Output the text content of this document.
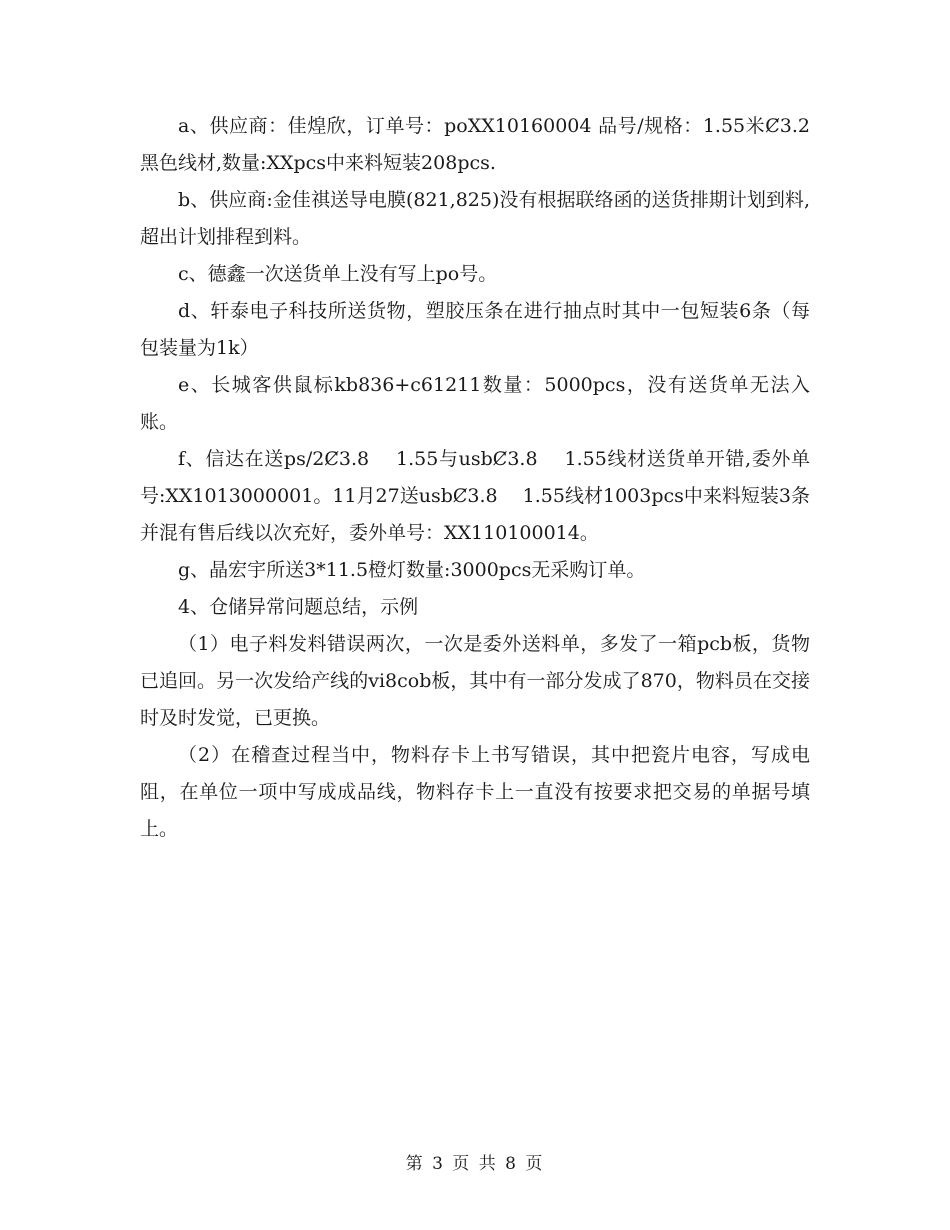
a、供应商：佳煌欣，订单号：poXX10160004 品号/规格：1.55米Ȼ3.2黑色线材,数量:XXpcs中来料短装208pcs.

b、供应商:金佳祺送导电膜(821,825)没有根据联络函的送货排期计划到料,超出计划排程到料。

c、德鑫一次送货单上没有写上po号。

d、轩泰电子科技所送货物，塑胶压条在进行抽点时其中一包短装6条（每包装量为1k）

e、长城客供鼠标kb836+c61211数量：5000pcs，没有送货单无法入账。

f、信达在送ps/2Ȼ3.8　 1.55与usbȻ3.8　 1.55线材送货单开错,委外单号:XX1013000001。11月27送usbȻ3.8　 1.55线材1003pcs中来料短装3条并混有售后线以次充好，委外单号：XX110100014。

g、晶宏宇所送3*11.5橙灯数量:3000pcs无采购订单。

4、仓储异常问题总结，示例

（1）电子料发料错误两次，一次是委外送料单，多发了一箱pcb板，货物已追回。另一次发给产线的vi8cob板，其中有一部分发成了870，物料员在交接时及时发觉，已更换。

（2）在稽查过程当中，物料存卡上书写错误，其中把瓷片电容，写成电阻，在单位一项中写成成品线，物料存卡上一直没有按要求把交易的单据号填上。

第 3 页 共 8 页
